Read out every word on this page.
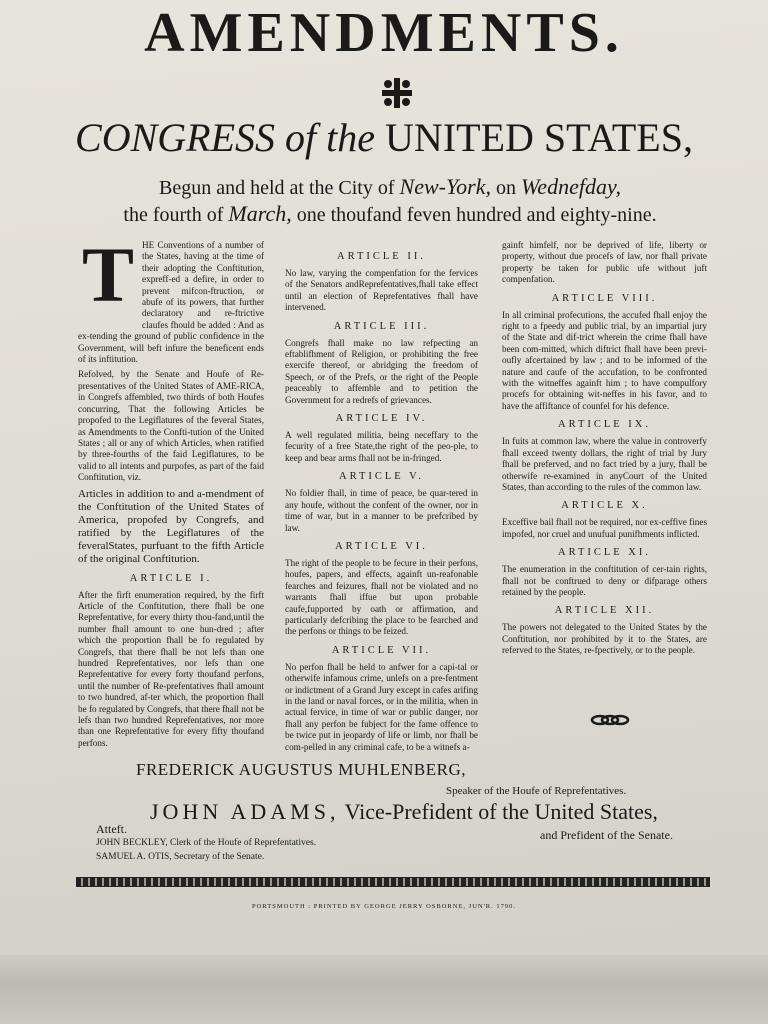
AMENDMENTS.
CONGRESS of the UNITED STATES,
Begun and held at the City of New-York, on Wednefday,
the fourth of March, one thoufand feven hundred and eighty-nine.
T HE Conventions of a number of the States, having at the time of their adopting the Conftitution, expreff-ed a defire, in order to prevent mifcon-ftruction, or abufe of its powers, that further declaratory and re-ftrictive claufes fhould be added : And as ex-tending the ground of public confidence in the Government, will beft infure the beneficent ends of its inftitution.

Refolved, by the Senate and Houfe of Re-presentatives of the United States of AME-RICA, in Congrefs affembled, two thirds of both Houfes concurring, That the following Articles be propofed to the Legiflatures of the feveral States, as Amendments to the Confti-tution of the United States ; all or any of which Articles, when ratified by three-fourths of the faid Legiflatures, to be valid to all intents and purpofes, as part of the faid Conftitution, viz.

Articles in addition to and a-mendment of the Conftitution of the United States of America, propofed by Congrefs, and ratified by the Legiflatures of the feveralStates, purfuant to the fifth Article of the original Conftitution.

ARTICLE I.

After the firft enumeration required, by the firft Article of the Conftitution, there fhall be one Reprefentative, for every thirty thou-fand,until the number fhall amount to one hun-dred ; after which the proportion fhall be fo regulated by Congrefs, that there fhall be not lefs than one hundred Reprefentatives, nor lefs than one Reprefentative for every forty thoufand perfons, until the number of Re-prefentatives fhall amount to two hundred, af-ter which, the proportion fhall be fo regulated by Congrefs, that there fhall not be lefs than two hundred Reprefentatives, nor more than one Reprefentative for every fifty thoufand perfons.

ARTICLE II.

No law, varying the compenfation for the fervices of the Senators andReprefentatives,fhall take effect until an election of Reprefentatives fhall have intervened.

ARTICLE III.

Congrefs fhall make no law refpecting an eftablifhment of Religion, or prohibiting the free exercife thereof, or abridging the freedom of Speech, or of the Prefs, or the right of the People peaceably to affemble and to petition the Government for a redrefs of grievances.

ARTICLE IV.

A well regulated militia, being neceffary to the fecurity of a free State,the right of the peo-ple, to keep and bear arms fhall not be in-fringed.

ARTICLE V.

No foldier fhall, in time of peace, be quar-tered in any houfe, without the confent of the owner, nor in time of war, but in a manner to be prefcribed by law.

ARTICLE VI.

The right of the people to be fecure in their perfons, houfes, papers, and effects, againft un-reafonable fearches and feizures, fhall not be violated and no warrants fhall iffue but upon probable caufe,fupported by oath or affirmation, and particularly defcribing the place to be fearched and the perfons or things to be feized.

ARTICLE VII.

No perfon fhall be held to anfwer for a capi-tal or otherwife infamous crime, unlefs on a pre-fentment or indictment of a Grand Jury except in cafes arifing in the land or naval forces, or in the militia, when in actual fervice, in time of war or public danger, nor fhall any perfon be fubject for the fame offence to be twice put in jeopardy of life or limb, nor fhall be com-pelled in any criminal cafe, to be a witnefs a-

gainft himfelf, nor be deprived of life, liberty or property, without due procefs of law, nor fhall private property be taken for public ufe without juft compenfation.

ARTICLE VIII.

In all criminal profecutions, the accufed fhall enjoy the right to a fpeedy and public trial, by an impartial jury of the State and dif-trict wherein the crime fhall have been com-mitted, which diftrict fhall have been previ-oufly afcertained by law ; and to be informed of the nature and caufe of the accufation, to be confronted with the witneffes againft him ; to have compulfory procefs for obtaining wit-neffes in his favor, and to have the affiftance of counfel for his defence.

ARTICLE IX.

In fuits at common law, where the value in controverfy fhall exceed twenty dollars, the right of trial by Jury fhall be preferved, and no fact tried by a jury, fhall be otherwife re-examined in anyCourt of the United States, than according to the rules of the common law.

ARTICLE X.

Exceffive bail fhall not be required, nor ex-ceffive fines impofed, nor cruel and unufual punifhments inflicted.

ARTICLE XI.

The enumeration in the conftitution of cer-tain rights, fhall not be conftrued to deny or difparage others retained by the people.

ARTICLE XII.

The powers not delegated to the United States by the Conftitution, nor prohibited by it to the States, are referved to the States, re-fpectively, or to the people.

FREDERICK AUGUSTUS MUHLENBERG,
Speaker of the Houfe of Reprefentatives.
JOHN ADAMS, Vice-Prefident of the United States,
Atteft.	and Prefident of the Senate.
JOHN BECKLEY, Clerk of the Houfe of Reprefentatives.
SAMUEL A. OTIS, Secretary of the Senate.
PORTSMOUTH : PRINTED BY GEORGE JERRY OSBORNE, JUN'R. 1790.
